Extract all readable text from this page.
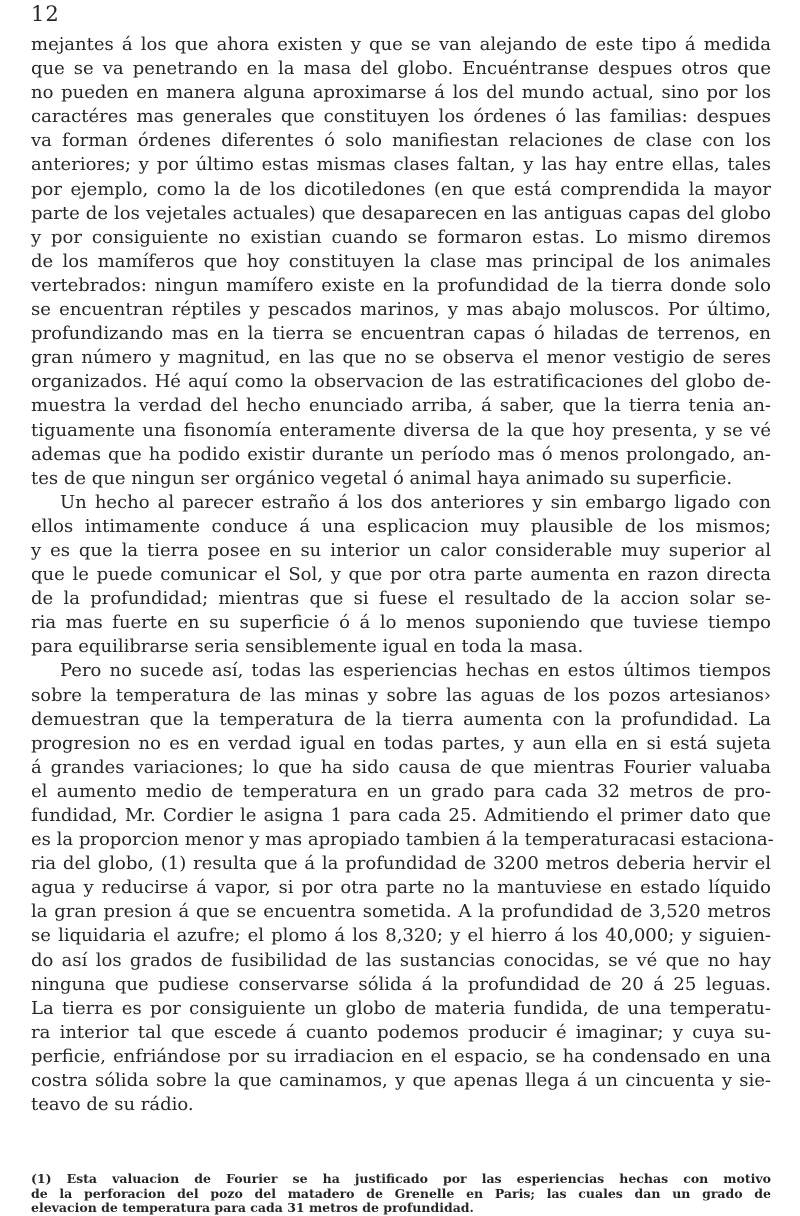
12
mejantes á los que ahora existen y que se van alejando de este tipo á medida
que se va penetrando en la masa del globo. Encuéntranse despues otros que
no pueden en manera alguna aproximarse á los del mundo actual, sino por los
caractéres mas generales que constituyen los órdenes ó las familias: despues
va forman órdenes diferentes ó solo manifiestan relaciones de clase con los
anteriores; y por último estas mismas clases faltan, y las hay entre ellas, tales
por ejemplo, como la de los dicotiledones (en que está comprendida la mayor
parte de los vejetales actuales) que desaparecen en las antiguas capas del globo
y por consiguiente no existian cuando se formaron estas. Lo mismo diremos
de los mamíferos que hoy constituyen la clase mas principal de los animales
vertebrados: ningun mamífero existe en la profundidad de la tierra donde solo
se encuentran réptiles y pescados marinos, y mas abajo moluscos. Por último,
profundizando mas en la tierra se encuentran capas ó hiladas de terrenos, en
gran número y magnitud, en las que no se observa el menor vestigio de seres
organizados. Hé aquí como la observacion de las estratificaciones del globo de-
muestra la verdad del hecho enunciado arriba, á saber, que la tierra tenia an-
tiguamente una fisonomía enteramente diversa de la que hoy presenta, y se vé
ademas que ha podido existir durante un período mas ó menos prolongado, an-
tes de que ningun ser orgánico vegetal ó animal haya animado su superficie.
Un hecho al parecer estraño á los dos anteriores y sin embargo ligado con
ellos intimamente conduce á una esplicacion muy plausible de los mismos;
y es que la tierra posee en su interior un calor considerable muy superior al
que le puede comunicar el Sol, y que por otra parte aumenta en razon directa
de la profundidad; mientras que si fuese el resultado de la accion solar se-
ria mas fuerte en su superficie ó á lo menos suponiendo que tuviese tiempo
para equilibrarse seria sensiblemente igual en toda la masa.
Pero no sucede así, todas las esperiencias hechas en estos últimos tiempos
sobre la temperatura de las minas y sobre las aguas de los pozos artesianos›
demuestran que la temperatura de la tierra aumenta con la profundidad. La
progresion no es en verdad igual en todas partes, y aun ella en si está sujeta
á grandes variaciones; lo que ha sido causa de que mientras Fourier valuaba
el aumento medio de temperatura en un grado para cada 32 metros de pro-
fundidad, Mr. Cordier le asigna 1 para cada 25. Admitiendo el primer dato que
es la proporcion menor y mas apropiado tambien á la temperaturacasi estaciona-
ria del globo, (1) resulta que á la profundidad de 3200 metros deberia hervir el
agua y reducirse á vapor, si por otra parte no la mantuviese en estado líquido
la gran presion á que se encuentra sometida. A la profundidad de 3,520 metros
se liquidaria el azufre; el plomo á los 8,320; y el hierro á los 40,000; y siguien-
do así los grados de fusibilidad de las sustancias conocidas, se vé que no hay
ninguna que pudiese conservarse sólida á la profundidad de 20 á 25 leguas.
La tierra es por consiguiente un globo de materia fundida, de una temperatu-
ra interior tal que escede á cuanto podemos producir é imaginar; y cuya su-
perficie, enfriándose por su irradiacion en el espacio, se ha condensado en una
costra sólida sobre la que caminamos, y que apenas llega á un cincuenta y sie-
teavo de su rádio.
(1) Esta valuacion de Fourier se ha justificado por las esperiencias hechas con motivo
de la perforacion del pozo del matadero de Grenelle en Paris; las cuales dan un grado de
elevacion de temperatura para cada 31 metros de profundidad.
